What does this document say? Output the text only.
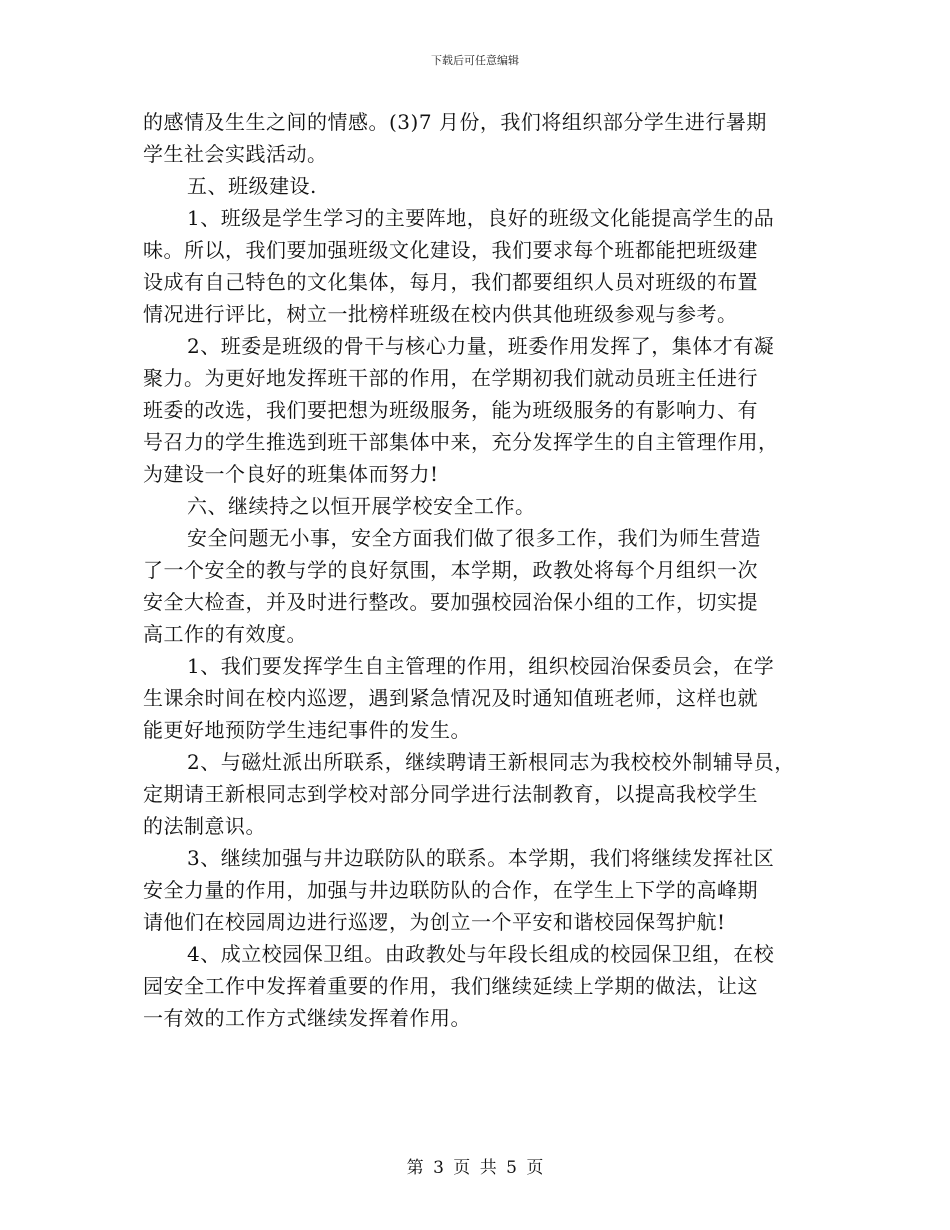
下载后可任意编辑
的感情及生生之间的情感。(3)7 月份，我们将组织部分学生进行暑期
学生社会实践活动。
五、班级建设.
1、班级是学生学习的主要阵地，良好的班级文化能提高学生的品
味。所以，我们要加强班级文化建设，我们要求每个班都能把班级建
设成有自己特色的文化集体，每月，我们都要组织人员对班级的布置
情况进行评比，树立一批榜样班级在校内供其他班级参观与参考。
2、班委是班级的骨干与核心力量，班委作用发挥了，集体才有凝
聚力。为更好地发挥班干部的作用，在学期初我们就动员班主任进行
班委的改选，我们要把想为班级服务，能为班级服务的有影响力、有
号召力的学生推选到班干部集体中来，充分发挥学生的自主管理作用，
为建设一个良好的班集体而努力!
六、继续持之以恒开展学校安全工作。
安全问题无小事，安全方面我们做了很多工作，我们为师生营造
了一个安全的教与学的良好氛围，本学期，政教处将每个月组织一次
安全大检查，并及时进行整改。要加强校园治保小组的工作，切实提
高工作的有效度。
1、我们要发挥学生自主管理的作用，组织校园治保委员会，在学
生课余时间在校内巡逻，遇到紧急情况及时通知值班老师，这样也就
能更好地预防学生违纪事件的发生。
2、与磁灶派出所联系，继续聘请王新根同志为我校校外制辅导员，
定期请王新根同志到学校对部分同学进行法制教育，以提高我校学生
的法制意识。
3、继续加强与井边联防队的联系。本学期，我们将继续发挥社区
安全力量的作用，加强与井边联防队的合作，在学生上下学的高峰期
请他们在校园周边进行巡逻，为创立一个平安和谐校园保驾护航!
4、成立校园保卫组。由政教处与年段长组成的校园保卫组，在校
园安全工作中发挥着重要的作用，我们继续延续上学期的做法，让这
一有效的工作方式继续发挥着作用。
第 3 页 共 5 页
